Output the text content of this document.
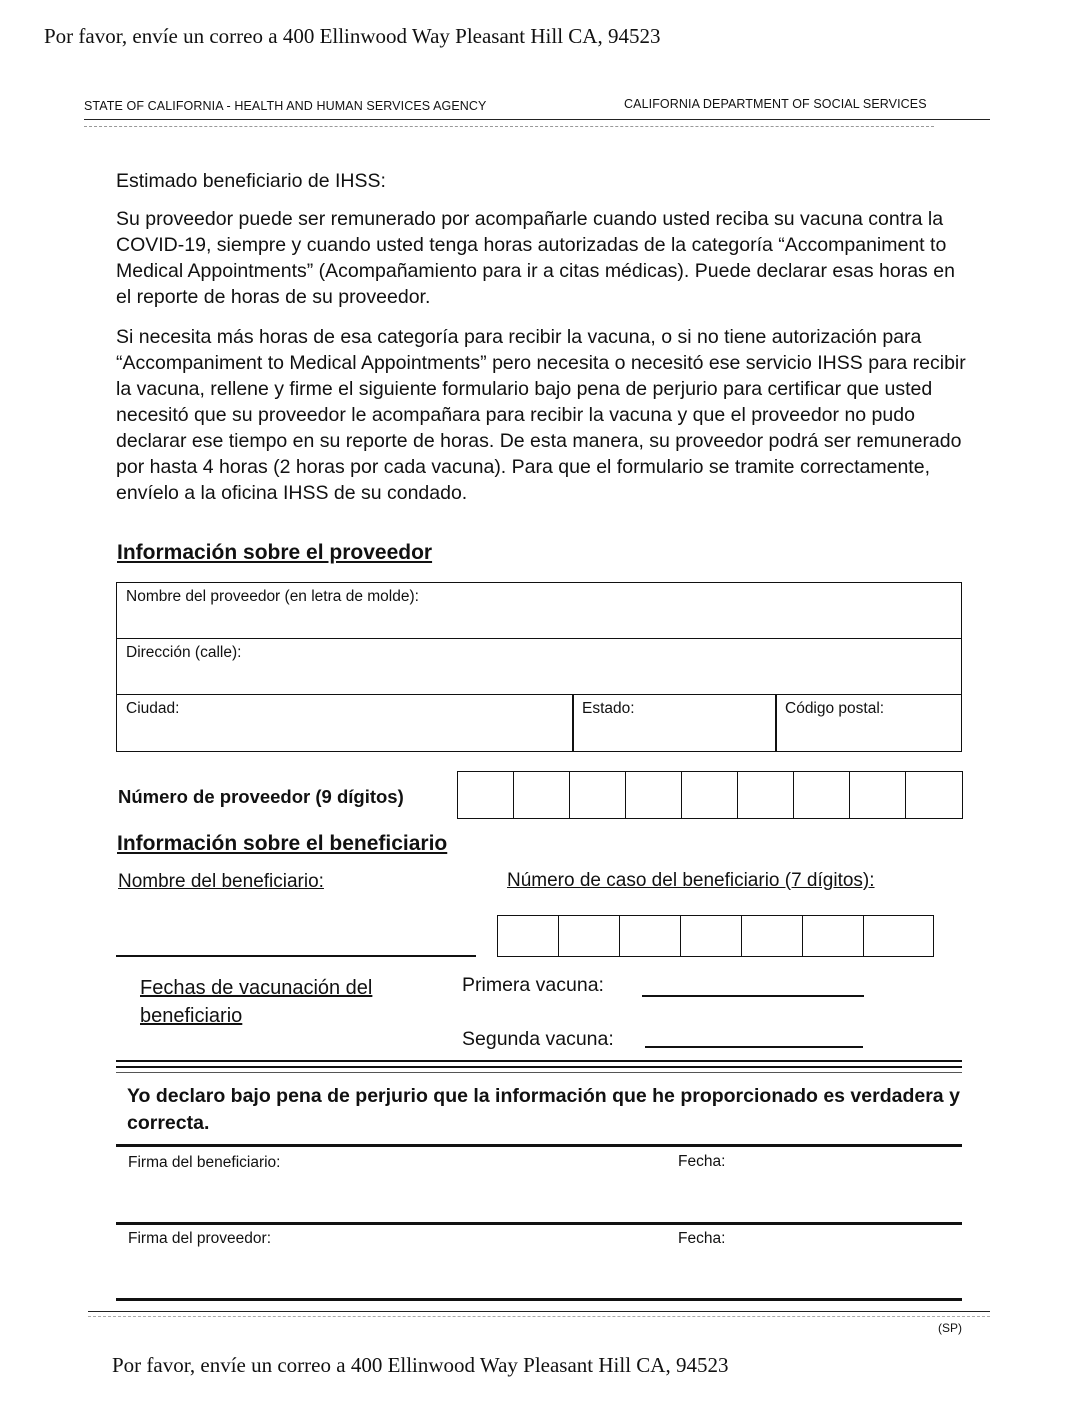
Por favor, envíe un correo a 400 Ellinwood Way Pleasant Hill CA, 94523
STATE OF CALIFORNIA - HEALTH AND HUMAN SERVICES AGENCY	CALIFORNIA DEPARTMENT OF SOCIAL SERVICES
Estimado beneficiario de IHSS:
Su proveedor puede ser remunerado por acompañarle cuando usted reciba su vacuna contra la COVID-19, siempre y cuando usted tenga horas autorizadas de la categoría “Accompaniment to Medical Appointments” (Acompañamiento para ir a citas médicas). Puede declarar esas horas en el reporte de horas de su proveedor.
Si necesita más horas de esa categoría para recibir la vacuna, o si no tiene autorización para “Accompaniment to Medical Appointments” pero necesita o necesitó ese servicio IHSS para recibir la vacuna, rellene y firme el siguiente formulario bajo pena de perjurio para certificar que usted necesitó que su proveedor le acompañara para recibir la vacuna y que el proveedor no pudo declarar ese tiempo en su reporte de horas. De esta manera, su proveedor podrá ser remunerado por hasta 4 horas (2 horas por cada vacuna). Para que el formulario se tramite correctamente, envíelo a la oficina IHSS de su condado.
Información sobre el proveedor
Nombre del proveedor (en letra de molde):
Dirección (calle):
Ciudad:	Estado:	Código postal:
Número de proveedor (9 dígitos)
Información sobre el beneficiario
Nombre del beneficiario:	Número de caso del beneficiario (7 dígitos):
Fechas de vacunación del beneficiario
Primera vacuna:
Segunda vacuna:
Yo declaro bajo pena de perjurio que la información que he proporcionado es verdadera y correcta.
Firma del beneficiario:	Fecha:
Firma del proveedor:	Fecha:
(SP)
Por favor, envíe un correo a 400 Ellinwood Way Pleasant Hill CA, 94523
